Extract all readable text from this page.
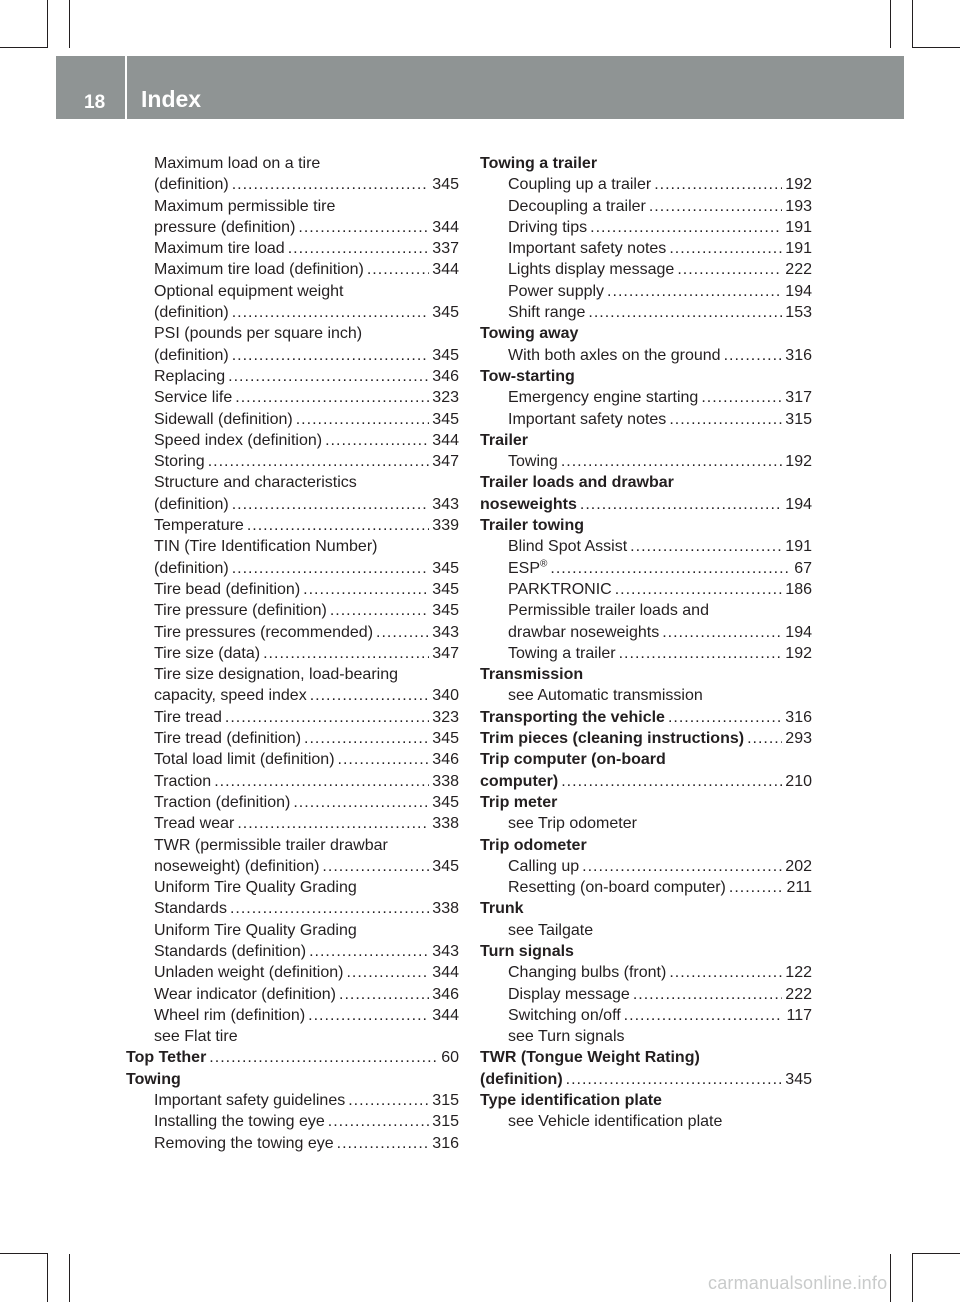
18 Index
Maximum load on a tire
(definition) .....	345
Maximum permissible tire
pressure (definition) .....	344
Maximum tire load .....	337
Maximum tire load (definition) .....	344
Optional equipment weight
(definition) .....	345
PSI (pounds per square inch)
(definition) .....	345
Replacing .....	346
Service life .....	323
Sidewall (definition) .....	345
Speed index (definition) .....	344
Storing .....	347
Structure and characteristics
(definition) .....	343
Temperature .....	339
TIN (Tire Identification Number)
(definition) .....	345
Tire bead (definition) .....	345
Tire pressure (definition) .....	345
Tire pressures (recommended) .....	343
Tire size (data) .....	347
Tire size designation, load-bearing
capacity, speed index .....	340
Tire tread .....	323
Tire tread (definition) .....	345
Total load limit (definition) .....	346
Traction .....	338
Traction (definition) .....	345
Tread wear .....	338
TWR (permissible trailer drawbar
noseweight) (definition) .....	345
Uniform Tire Quality Grading
Standards .....	338
Uniform Tire Quality Grading
Standards (definition) .....	343
Unladen weight (definition) .....	344
Wear indicator (definition) .....	346
Wheel rim (definition) .....	344
see Flat tire
Top Tether .....	60
Towing
Important safety guidelines .....	315
Installing the towing eye .....	315
Removing the towing eye .....	316
Towing a trailer
Coupling up a trailer .....	192
Decoupling a trailer .....	193
Driving tips .....	191
Important safety notes .....	191
Lights display message .....	222
Power supply .....	194
Shift range .....	153
Towing away
With both axles on the ground .....	316
Tow-starting
Emergency engine starting .....	317
Important safety notes .....	315
Trailer
Towing .....	192
Trailer loads and drawbar
noseweights .....	194
Trailer towing
Blind Spot Assist .....	191
ESP® .....	67
PARKTRONIC .....	186
Permissible trailer loads and
drawbar noseweights .....	194
Towing a trailer .....	192
Transmission
see Automatic transmission
Transporting the vehicle .....	316
Trim pieces (cleaning instructions) .....	293
Trip computer (on-board
computer) .....	210
Trip meter
see Trip odometer
Trip odometer
Calling up .....	202
Resetting (on-board computer) .....	211
Trunk
see Tailgate
Turn signals
Changing bulbs (front) .....	122
Display message .....	222
Switching on/off .....	117
see Turn signals
TWR (Tongue Weight Rating)
(definition) .....	345
Type identification plate
see Vehicle identification plate
carmanualsonline.info
